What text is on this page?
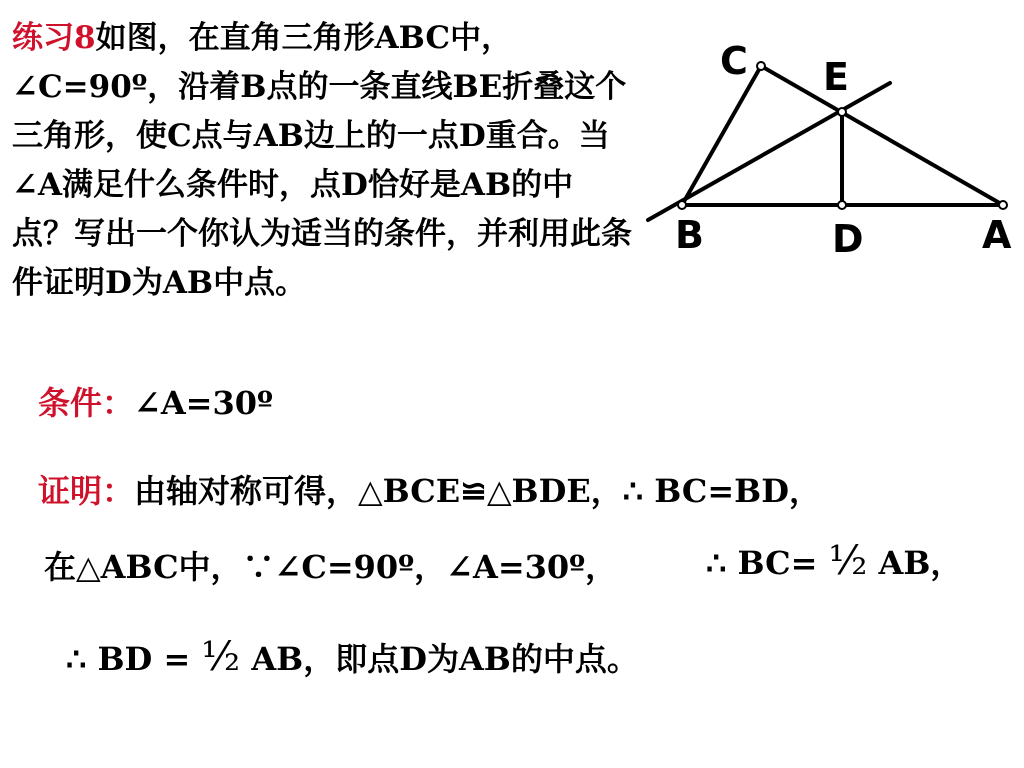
练习8如图，在直角三角形ABC中，∠C=90º，沿着B点的一条直线BE折叠这个三角形，使C点与AB边上的一点D重合。当∠A满足什么条件时，点D恰好是AB的中点？写出一个你认为适当的条件，并利用此条件证明D为AB中点。

C E
B	D	A
条件：∠A=30º
证明：由轴对称可得，△BCE≌△BDE，∴ BC=BD，
在△ABC中，∵∠C=90º，∠A=30º，	∴ BC= ½ AB，
∴ BD = ½ AB，即点D为AB的中点。
